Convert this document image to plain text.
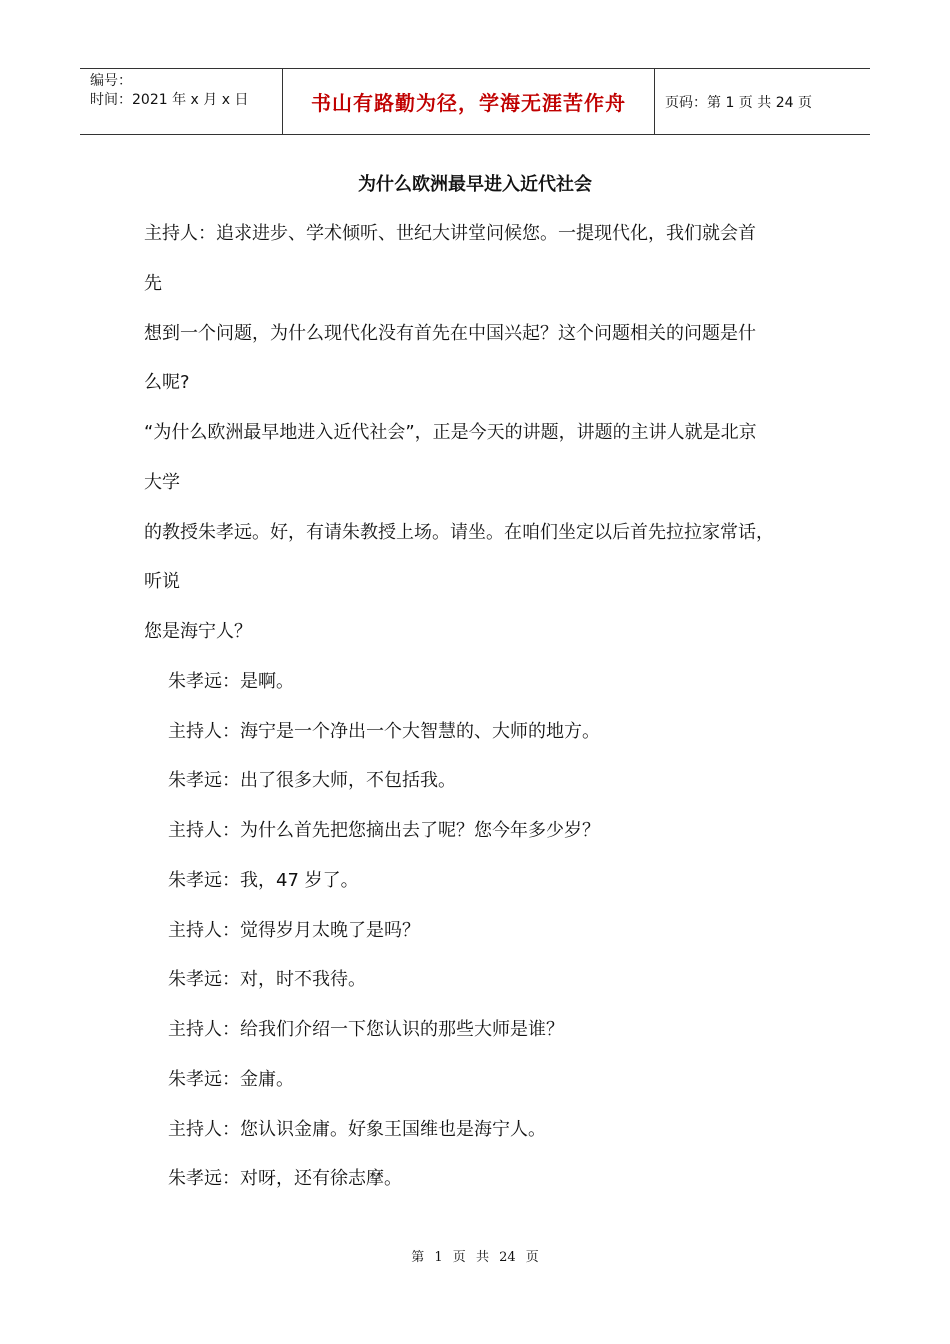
编号：
时间：2021 年 x 月 x 日	书山有路勤为径，学海无涯苦作舟	页码：第 1 页 共 24 页
为什么欧洲最早进入近代社会
主持人：追求进步、学术倾听、世纪大讲堂问候您。一提现代化，我们就会首
先
想到一个问题，为什么现代化没有首先在中国兴起？这个问题相关的问题是什
么呢?
“为什么欧洲最早地进入近代社会”，正是今天的讲题，讲题的主讲人就是北京
大学
的教授朱孝远。好，有请朱教授上场。请坐。在咱们坐定以后首先拉拉家常话，
听说
您是海宁人？
朱孝远：是啊。
主持人：海宁是一个净出一个大智慧的、大师的地方。
朱孝远：出了很多大师，不包括我。
主持人：为什么首先把您摘出去了呢？您今年多少岁？
朱孝远：我，47 岁了。
主持人：觉得岁月太晚了是吗？
朱孝远：对，时不我待。
主持人：给我们介绍一下您认识的那些大师是谁？
朱孝远：金庸。
主持人：您认识金庸。好象王国维也是海宁人。
朱孝远：对呀，还有徐志摩。
第 1 页 共 24 页
